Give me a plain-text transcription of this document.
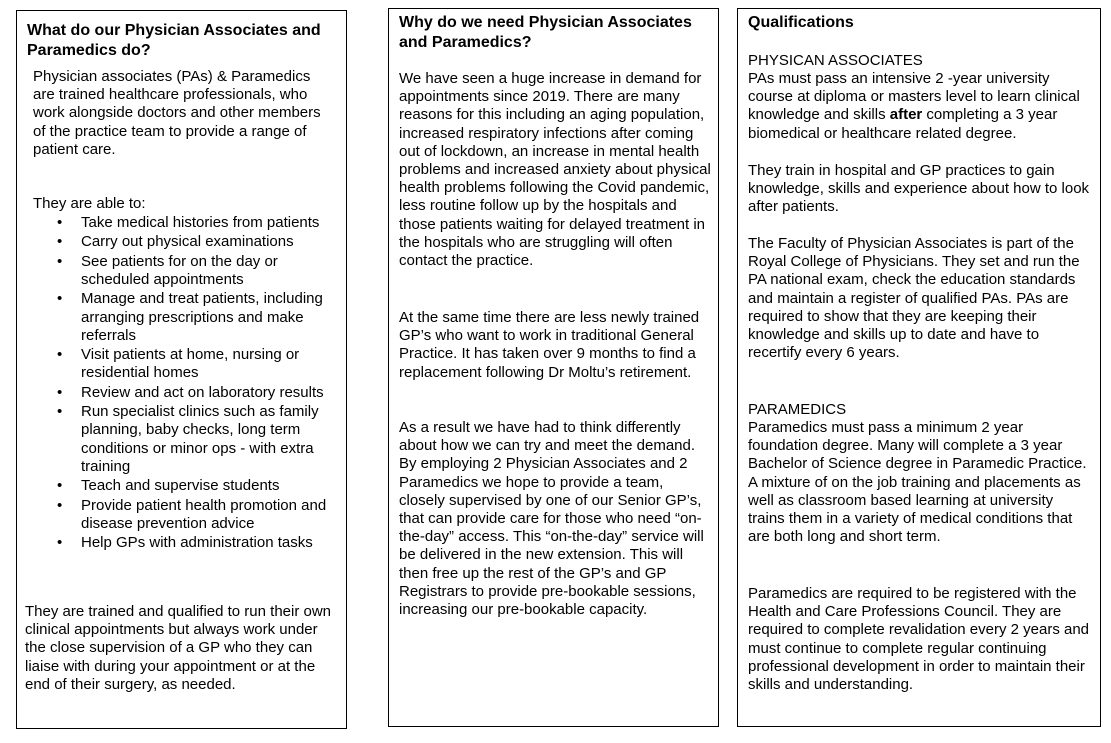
What do our Physician Associates and Paramedics do?

Physician associates (PAs) & Paramedics are trained healthcare professionals, who work alongside doctors and other members of the practice team to provide a range of patient care.

They are able to:

• Take medical histories from patients
• Carry out physical examinations
• See patients for on the day or scheduled appointments
• Manage and treat patients, including arranging prescriptions and make referrals
• Visit patients at home, nursing or residential homes
• Review and act on laboratory results
• Run specialist clinics such as family planning, baby checks, long term conditions or minor ops - with extra training
• Teach and supervise students
• Provide patient health promotion and disease prevention advice
• Help GPs with administration tasks

They are trained and qualified to run their own clinical appointments but always work under the close supervision of a GP who they can liaise with during your appointment or at the end of their surgery, as needed.

Why do we need Physician Associates and Paramedics?

We have seen a huge increase in demand for appointments since 2019. There are many reasons for this including an aging population, increased respiratory infections after coming out of lockdown, an increase in mental health problems and increased anxiety about physical health problems following the Covid pandemic, less routine follow up by the hospitals and those patients waiting for delayed treatment in the hospitals who are struggling will often contact the practice.

At the same time there are less newly trained GP’s who want to work in traditional General Practice. It has taken over 9 months to find a replacement following Dr Moltu’s retirement.

As a result we have had to think differently about how we can try and meet the demand. By employing 2 Physician Associates and 2 Paramedics we hope to provide a team, closely supervised by one of our Senior GP’s, that can provide care for those who need “on-the-day” access. This “on-the-day” service will be delivered in the new extension. This will then free up the rest of the GP’s and GP Registrars to provide pre-bookable sessions, increasing our pre-bookable capacity.

Qualifications

PHYSICAN ASSOCIATES

PAs must pass an intensive 2 -year university course at diploma or masters level to learn clinical knowledge and skills after completing a 3 year biomedical or healthcare related degree.

They train in hospital and GP practices to gain knowledge, skills and experience about how to look after patients.

The Faculty of Physician Associates is part of the Royal College of Physicians. They set and run the PA national exam, check the education standards and maintain a register of qualified PAs. PAs are required to show that they are keeping their knowledge and skills up to date and have to recertify every 6 years.

PARAMEDICS

Paramedics must pass a minimum 2 year foundation degree. Many will complete a 3 year Bachelor of Science degree in Paramedic Practice. A mixture of on the job training and placements as well as classroom based learning at university trains them in a variety of medical conditions that are both long and short term.

Paramedics are required to be registered with the Health and Care Professions Council. They are required to complete revalidation every 2 years and must continue to complete regular continuing professional development in order to maintain their skills and understanding.
